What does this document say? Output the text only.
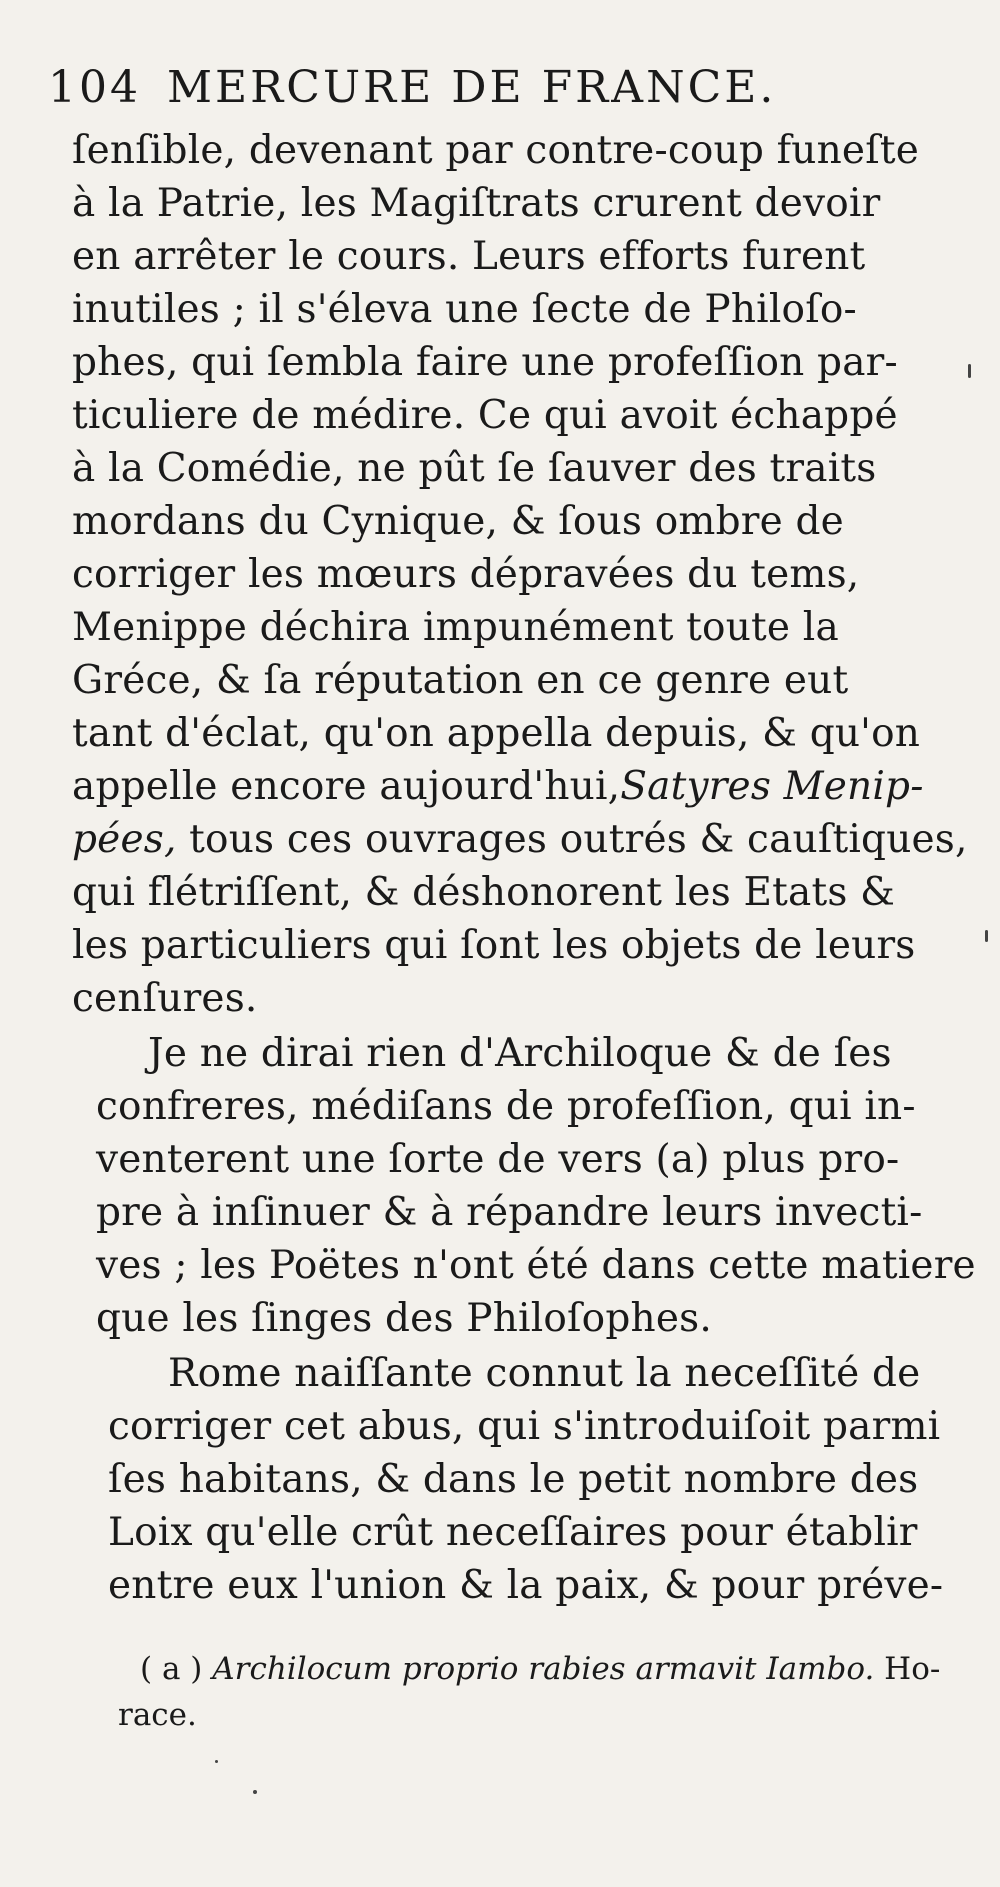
104 MERCURE DE FRANCE.
ſenſible, devenant par contre-coup funeſte
à la Patrie, les Magiſtrats crurent devoir
en arrêter le cours. Leurs efforts furent
inutiles ; il s'éleva une ſecte de Philoſo-
phes, qui ſembla faire une profeſſion par-
ticuliere de médire. Ce qui avoit échappé
à la Comédie, ne pût ſe ſauver des traits
mordans du Cynique, & ſous ombre de
corriger les mœurs dépravées du tems,
Menippe déchira impunément toute la
Gréce, & ſa réputation en ce genre eut
tant d'éclat, qu'on appella depuis, & qu'on
appelle encore aujourd'hui,Satyres Menip-
pées, tous ces ouvrages outrés & cauſtiques,
qui flétriſſent, & déshonorent les Etats &
les particuliers qui ſont les objets de leurs
cenſures.
Je ne dirai rien d'Archiloque & de ſes
confreres, médiſans de profeſſion, qui in-
venterent une ſorte de vers (a) plus pro-
pre à inſinuer & à répandre leurs invecti-
ves ; les Poëtes n'ont été dans cette matiere
que les ſinges des Philoſophes.
Rome naiſſante connut la neceſſité de
corriger cet abus, qui s'introduiſoit parmi
ſes habitans, & dans le petit nombre des
Loix qu'elle crût neceſſaires pour établir
entre eux l'union & la paix, & pour préve-
( a ) Archilocum proprio rabies armavit Iambo. Ho-
race.
